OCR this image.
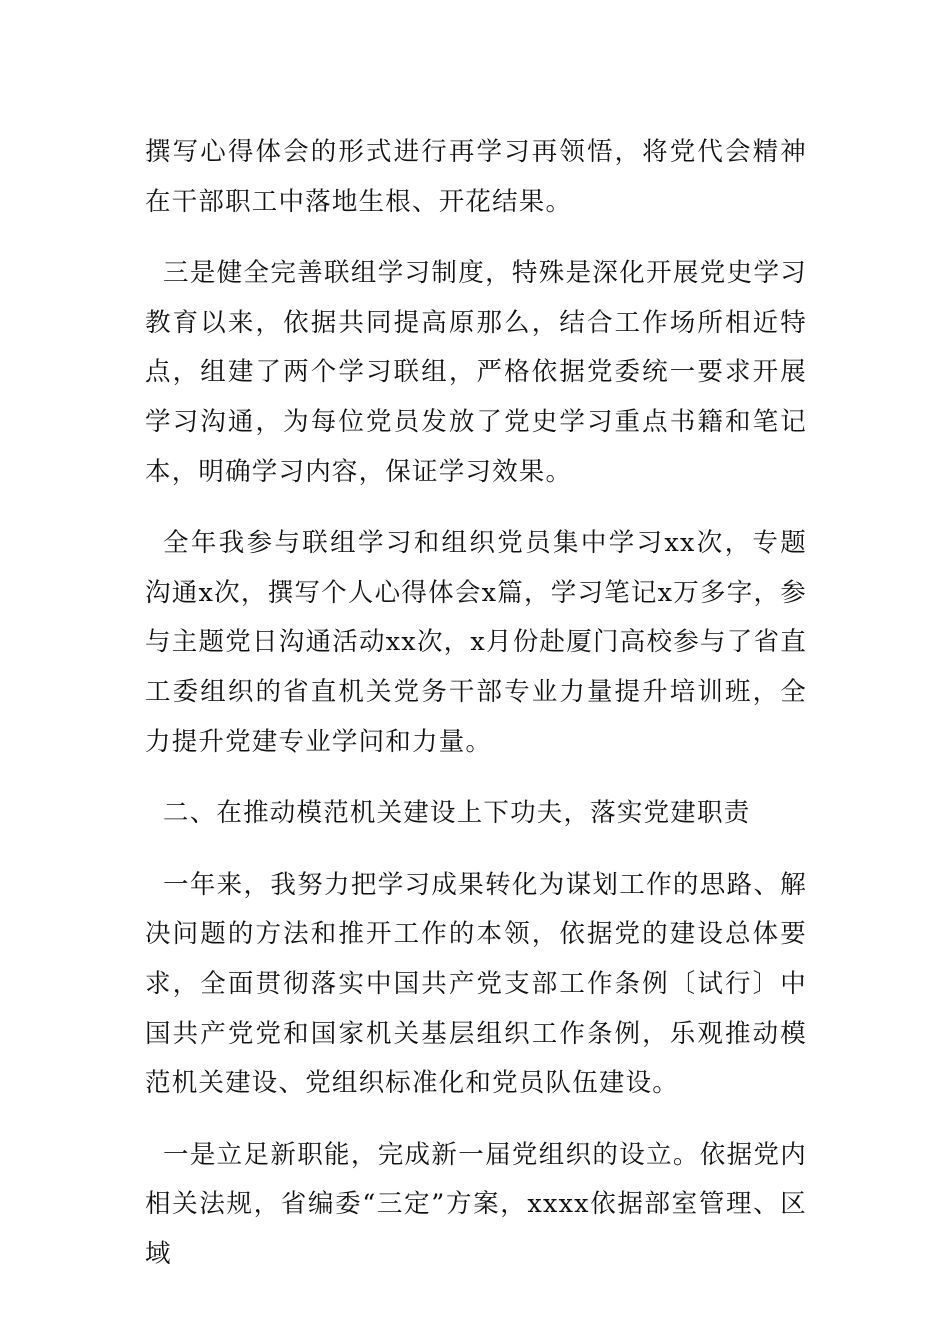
撰写心得体会的形式进行再学习再领悟，将党代会精神在干部职工中落地生根、开花结果。

三是健全完善联组学习制度，特殊是深化开展党史学习教育以来，依据共同提高原那么，结合工作场所相近特点，组建了两个学习联组，严格依据党委统一要求开展学习沟通，为每位党员发放了党史学习重点书籍和笔记本，明确学习内容，保证学习效果。

全年我参与联组学习和组织党员集中学习xx次，专题沟通x次，撰写个人心得体会x篇，学习笔记x万多字，参与主题党日沟通活动xx次，x月份赴厦门高校参与了省直工委组织的省直机关党务干部专业力量提升培训班，全力提升党建专业学问和力量。

二、在推动模范机关建设上下功夫，落实党建职责

一年来，我努力把学习成果转化为谋划工作的思路、解决问题的方法和推开工作的本领，依据党的建设总体要求，全面贯彻落实中国共产党支部工作条例〔试行〕中国共产党党和国家机关基层组织工作条例，乐观推动模范机关建设、党组织标准化和党员队伍建设。

一是立足新职能，完成新一届党组织的设立。依据党内相关法规，省编委“三定”方案，xxxx依据部室管理、区域
